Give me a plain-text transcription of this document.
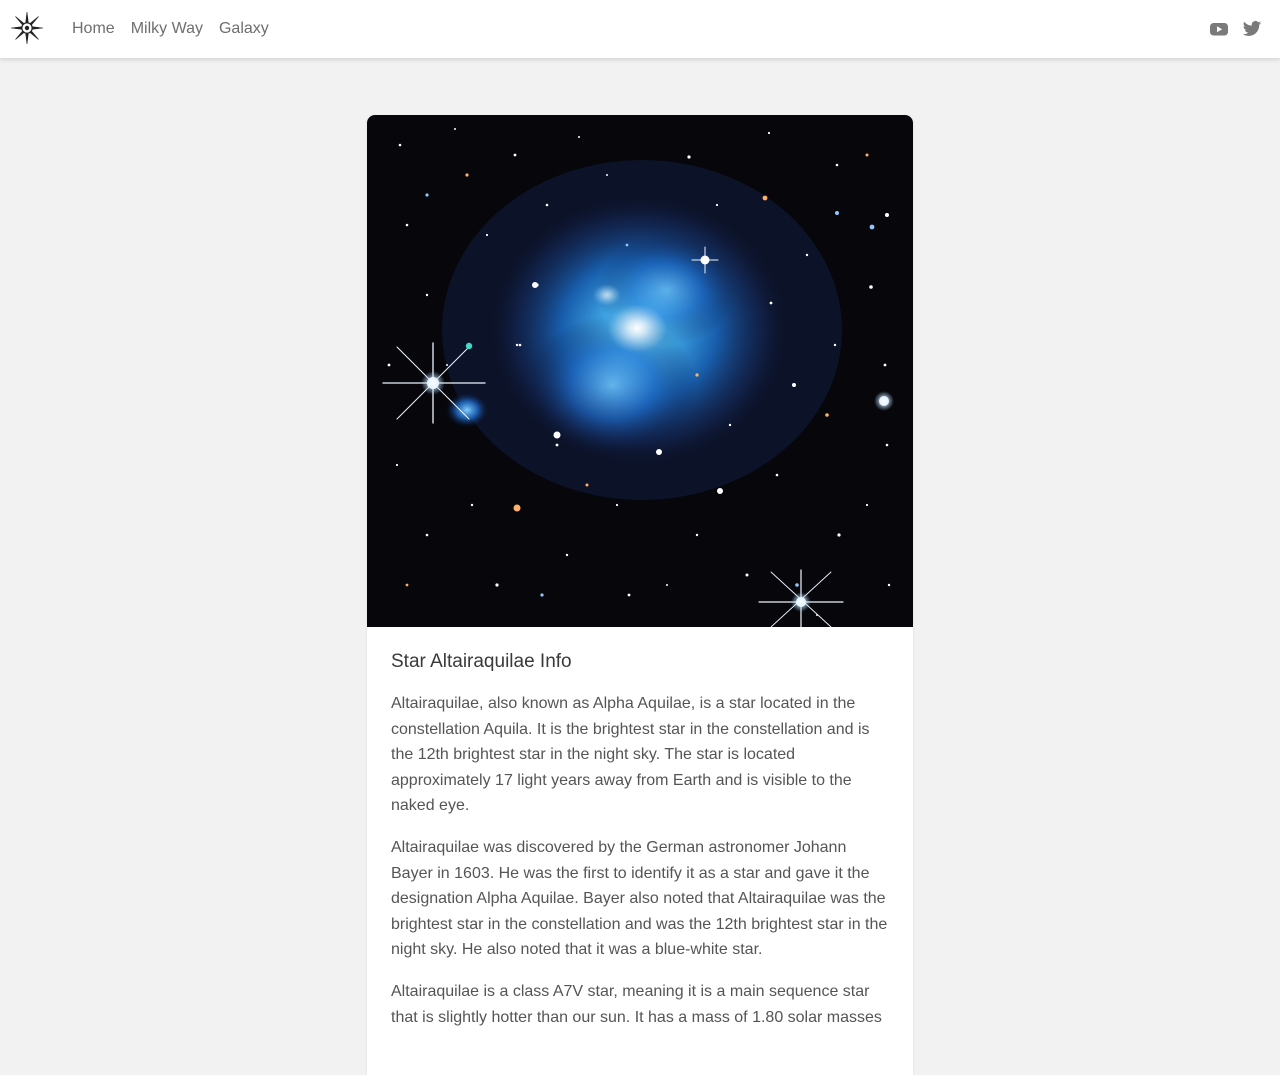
Home Milky Way Galaxy
Star Altairaquilae Info

Altairaquilae, also known as Alpha Aquilae, is a star located in the constellation Aquila. It is the brightest star in the constellation and is the 12th brightest star in the night sky. The star is located approximately 17 light years away from Earth and is visible to the naked eye.

Altairaquilae was discovered by the German astronomer Johann Bayer in 1603. He was the first to identify it as a star and gave it the designation Alpha Aquilae. Bayer also noted that Altairaquilae was the brightest star in the constellation and was the 12th brightest star in the night sky. He also noted that it was a blue-white star.

Altairaquilae is a class A7V star, meaning it is a main sequence star that is slightly hotter than our sun. It has a mass of 1.80 solar masses
